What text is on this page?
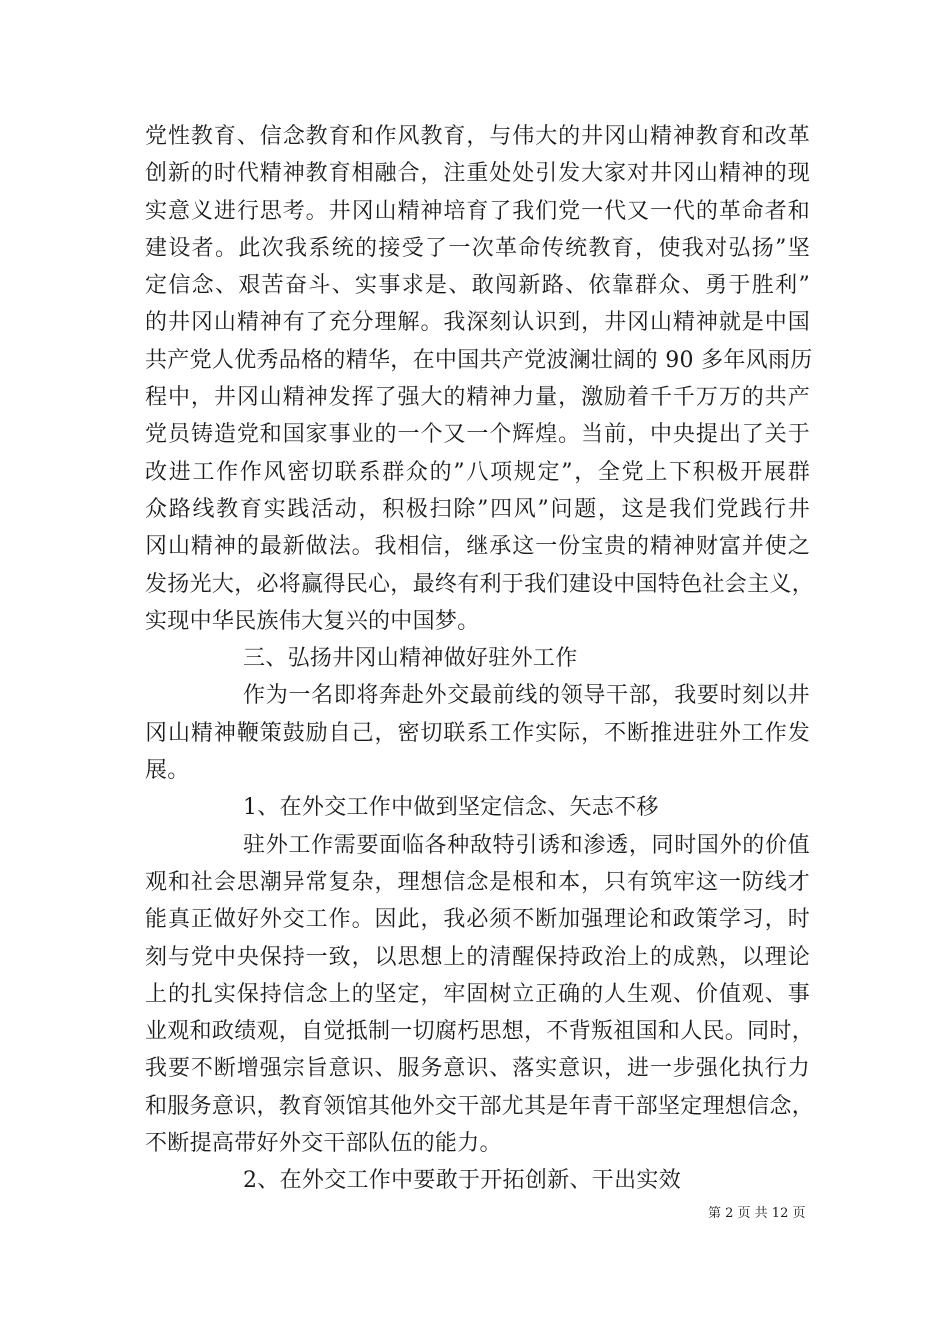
党性教育、信念教育和作风教育，与伟大的井冈山精神教育和改革
创新的时代精神教育相融合，注重处处引发大家对井冈山精神的现
实意义进行思考。井冈山精神培育了我们党一代又一代的革命者和
建设者。此次我系统的接受了一次革命传统教育，使我对弘扬”坚
定信念、艰苦奋斗、实事求是、敢闯新路、依靠群众、勇于胜利”
的井冈山精神有了充分理解。我深刻认识到，井冈山精神就是中国
共产党人优秀品格的精华，在中国共产党波澜壮阔的 90 多年风雨历
程中，井冈山精神发挥了强大的精神力量，激励着千千万万的共产
党员铸造党和国家事业的一个又一个辉煌。当前，中央提出了关于
改进工作作风密切联系群众的”八项规定”，全党上下积极开展群
众路线教育实践活动，积极扫除”四风”问题，这是我们党践行井
冈山精神的最新做法。我相信，继承这一份宝贵的精神财富并使之
发扬光大，必将赢得民心，最终有利于我们建设中国特色社会主义，
实现中华民族伟大复兴的中国梦。
三、弘扬井冈山精神做好驻外工作
作为一名即将奔赴外交最前线的领导干部，我要时刻以井
冈山精神鞭策鼓励自己，密切联系工作实际，不断推进驻外工作发
展。
1、在外交工作中做到坚定信念、矢志不移
驻外工作需要面临各种敌特引诱和渗透，同时国外的价值
观和社会思潮异常复杂，理想信念是根和本，只有筑牢这一防线才
能真正做好外交工作。因此，我必须不断加强理论和政策学习，时
刻与党中央保持一致，以思想上的清醒保持政治上的成熟，以理论
上的扎实保持信念上的坚定，牢固树立正确的人生观、价值观、事
业观和政绩观，自觉抵制一切腐朽思想，不背叛祖国和人民。同时，
我要不断增强宗旨意识、服务意识、落实意识，进一步强化执行力
和服务意识，教育领馆其他外交干部尤其是年青干部坚定理想信念，
不断提高带好外交干部队伍的能力。
2、在外交工作中要敢于开拓创新、干出实效
第 2 页 共 12 页
